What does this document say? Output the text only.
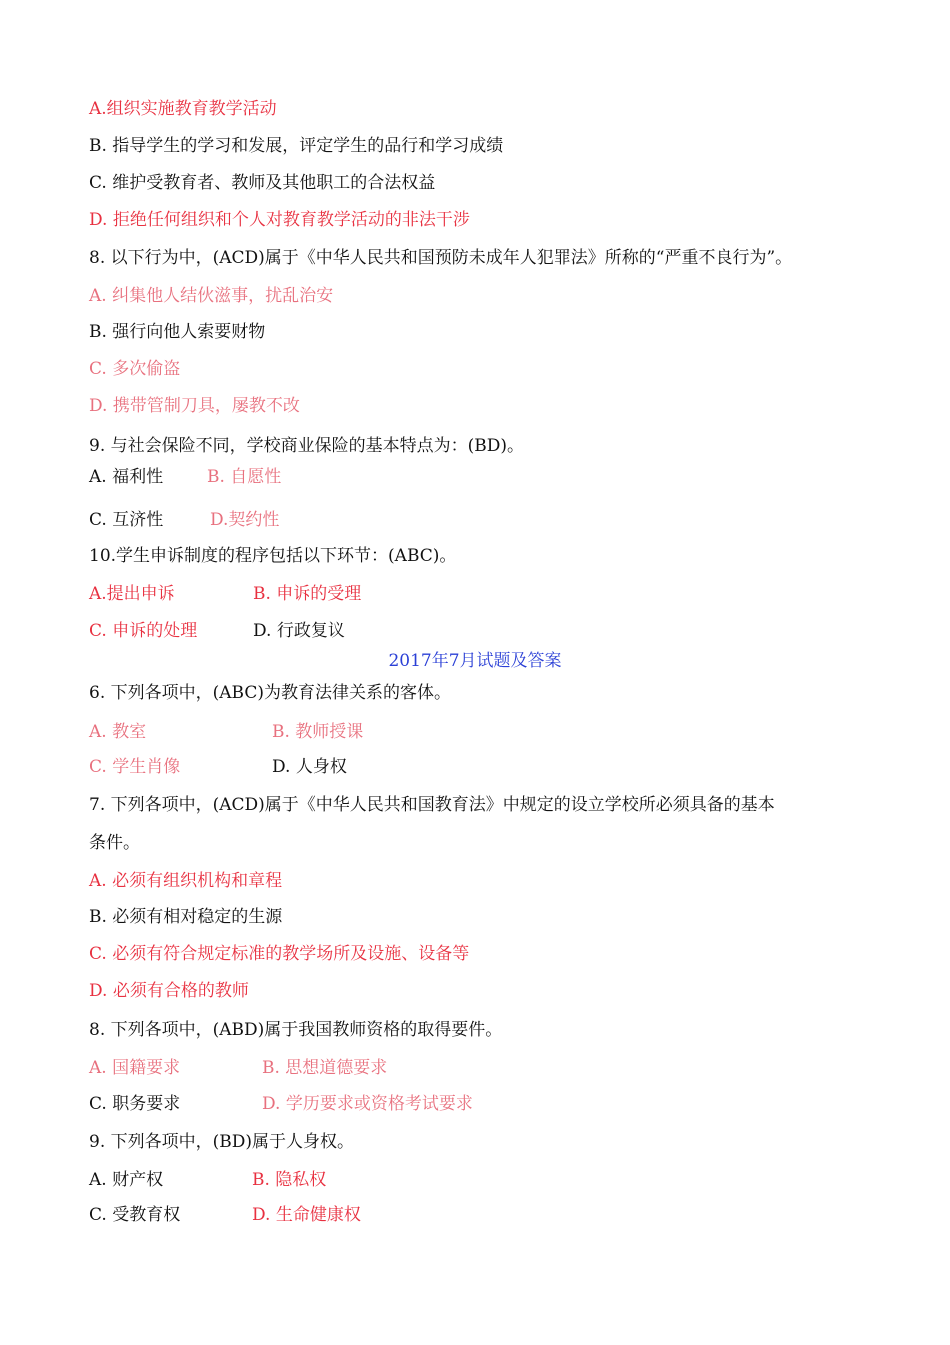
A.组织实施教育教学活动
B. 指导学生的学习和发展，评定学生的品行和学习成绩
C. 维护受教育者、教师及其他职工的合法权益
D. 拒绝任何组织和个人对教育教学活动的非法干涉
8. 以下行为中，(ACD)属于《中华人民共和国预防未成年人犯罪法》所称的“严重不良行为”。
A. 纠集他人结伙滋事，扰乱治安
B. 强行向他人索要财物
C. 多次偷盗
D. 携带管制刀具，屡教不改
9. 与社会保险不同，学校商业保险的基本特点为：(BD)。
A. 福利性	B. 自愿性
C. 互济性	D.契约性
10.学生申诉制度的程序包括以下环节：(ABC)。
A.提出申诉	B. 申诉的受理
C. 申诉的处理	D. 行政复议
2017年7月试题及答案
6. 下列各项中，(ABC)为教育法律关系的客体。
A. 教室	B. 教师授课
C. 学生肖像	D. 人身权
7. 下列各项中，(ACD)属于《中华人民共和国教育法》中规定的设立学校所必须具备的基本
条件。
A. 必须有组织机构和章程
B. 必须有相对稳定的生源
C. 必须有符合规定标准的教学场所及设施、设备等
D. 必须有合格的教师
8. 下列各项中，(ABD)属于我国教师资格的取得要件。
A. 国籍要求	B. 思想道德要求
C. 职务要求	D. 学历要求或资格考试要求
9. 下列各项中，(BD)属于人身权。
A. 财产权	B. 隐私权
C. 受教育权	D. 生命健康权
